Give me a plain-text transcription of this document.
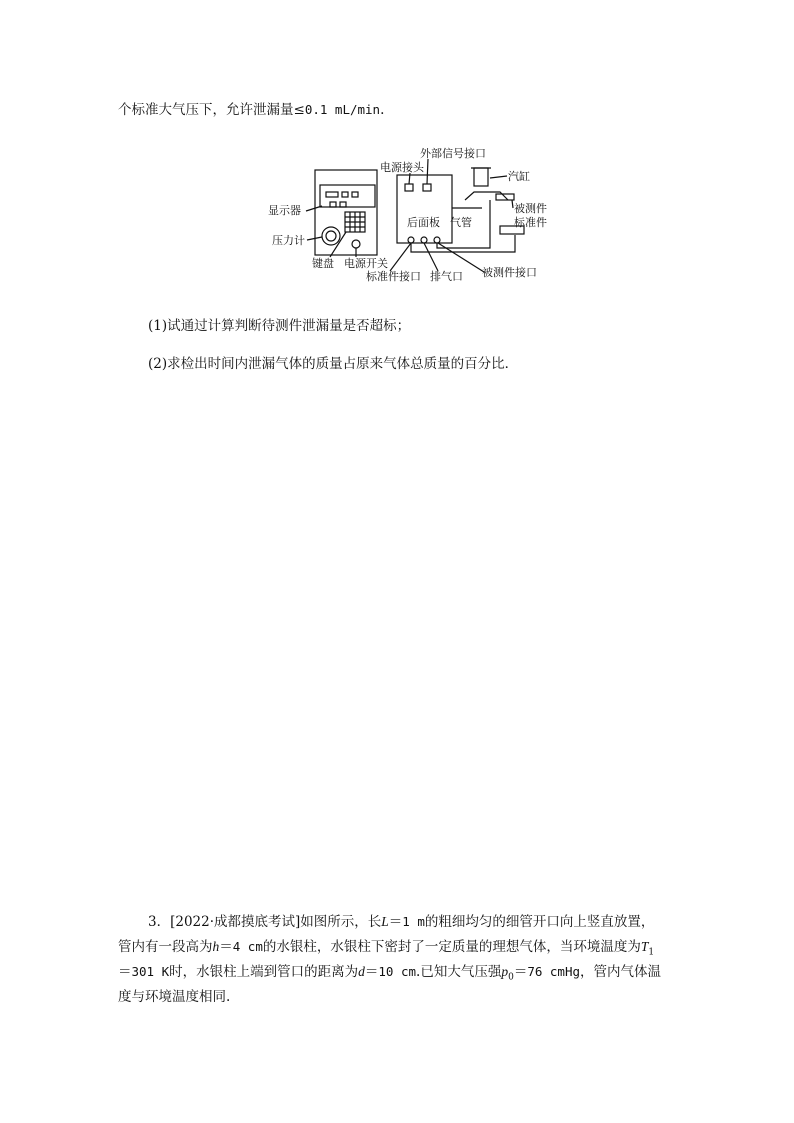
个标准大气压下，允许泄漏量≤0.1 mL/min.
显示器
压力计
键盘 电源开关
后面板
电源接头
外部信号接口
气管
汽缸
被测件
标准件
标准件接口 排气口 被测件接口
(1)试通过计算判断待测件泄漏量是否超标；
(2)求检出时间内泄漏气体的质量占原来气体总质量的百分比．
3．[2022·成都摸底考试]如图所示，长L＝1 m的粗细均匀的细管开口向上竖直放置，
管内有一段高为h＝4 cm的水银柱，水银柱下密封了一定质量的理想气体，当环境温度为$T_1$
＝301 K时，水银柱上端到管口的距离为d＝10 cm.已知大气压强$p_0=76$ cmHg，管内气体温
度与环境温度相同.
